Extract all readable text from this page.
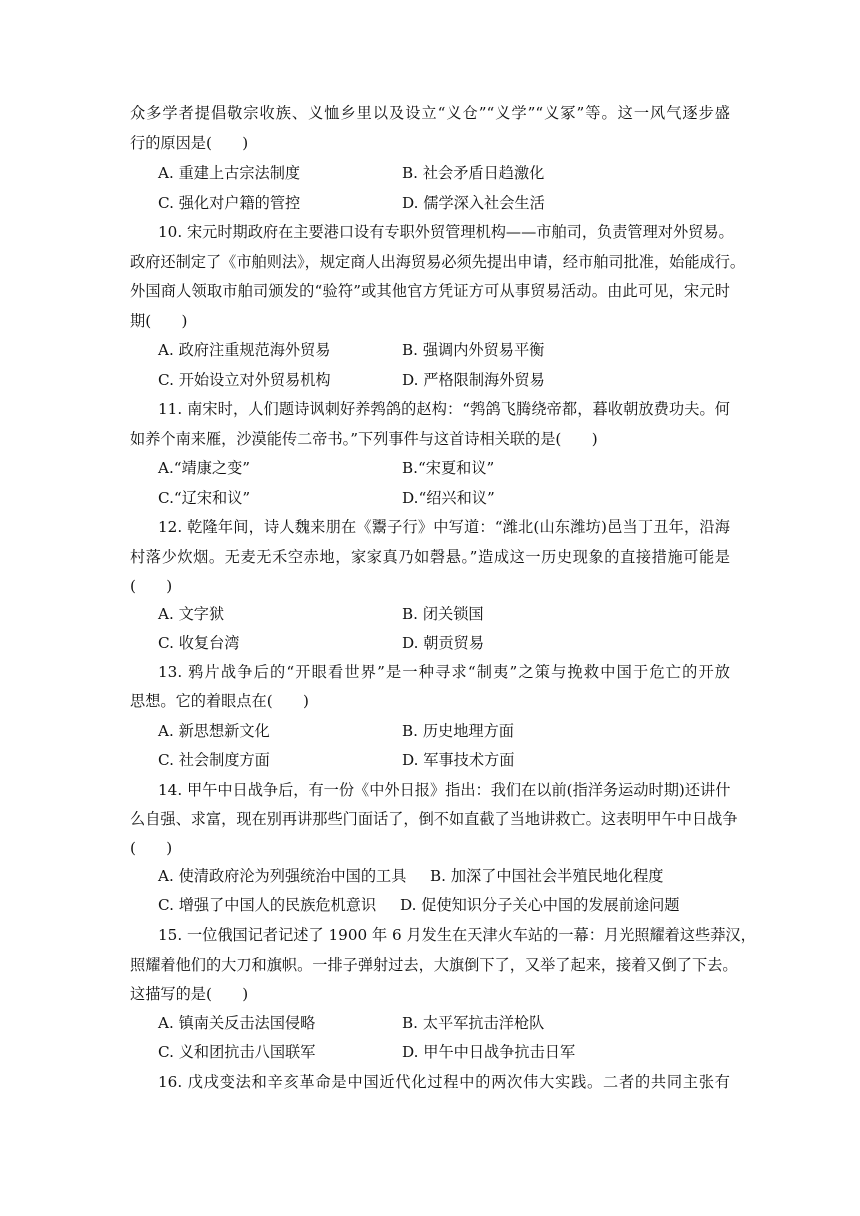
众多学者提倡敬宗收族、义恤乡里以及设立“义仓”“义学”“义冢”等。这一风气逐步盛
行的原因是(　　)
A. 重建上古宗法制度	B. 社会矛盾日趋激化
C. 强化对户籍的管控	D. 儒学深入社会生活
10. 宋元时期政府在主要港口设有专职外贸管理机构——市舶司，负责管理对外贸易。
政府还制定了《市舶则法》，规定商人出海贸易必须先提出申请，经市舶司批准，始能成行。
外国商人领取市舶司颁发的“验符”或其他官方凭证方可从事贸易活动。由此可见，宋元时
期(　　)
A. 政府注重规范海外贸易	B. 强调内外贸易平衡
C. 开始设立对外贸易机构	D. 严格限制海外贸易
11. 南宋时，人们题诗讽刺好养鹁鸽的赵构：“鹁鸽飞腾绕帝都，暮收朝放费功夫。何
如养个南来雁，沙漠能传二帝书。”下列事件与这首诗相关联的是(　　)
A.“靖康之变”	B.“宋夏和议”
C.“辽宋和议”	D.“绍兴和议”
12. 乾隆年间，诗人魏来朋在《鬻子行》中写道：“潍北(山东潍坊)邑当丁丑年，沿海
村落少炊烟。无麦无禾空赤地，家家真乃如磬悬。”造成这一历史现象的直接措施可能是
(　　)
A. 文字狱	B. 闭关锁国
C. 收复台湾	D. 朝贡贸易
13. 鸦片战争后的“开眼看世界”是一种寻求“制夷”之策与挽救中国于危亡的开放
思想。它的着眼点在(　　)
A. 新思想新文化	B. 历史地理方面
C. 社会制度方面	D. 军事技术方面
14. 甲午中日战争后，有一份《中外日报》指出：我们在以前(指洋务运动时期)还讲什
么自强、求富，现在别再讲那些门面话了，倒不如直截了当地讲救亡。这表明甲午中日战争
(　　)
A. 使清政府沦为列强统治中国的工具 B. 加深了中国社会半殖民地化程度
C. 增强了中国人的民族危机意识 D. 促使知识分子关心中国的发展前途问题
15. 一位俄国记者记述了 1900 年 6 月发生在天津火车站的一幕：月光照耀着这些莽汉，
照耀着他们的大刀和旗帜。一排子弹射过去，大旗倒下了，又举了起来，接着又倒了下去。
这描写的是(　　)
A. 镇南关反击法国侵略	B. 太平军抗击洋枪队
C. 义和团抗击八国联军	D. 甲午中日战争抗击日军
16. 戊戌变法和辛亥革命是中国近代化过程中的两次伟大实践。二者的共同主张有
